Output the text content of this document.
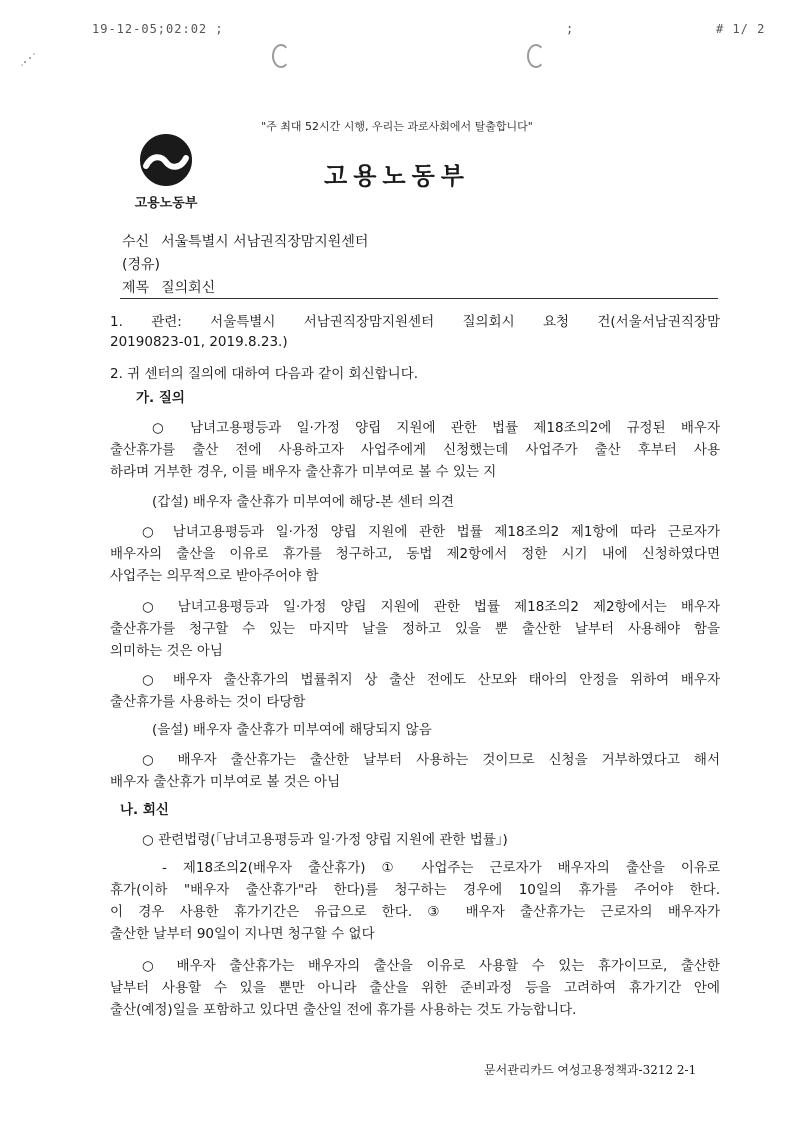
19-12-05;02:02 ;	;	# 1/ 2
"주 최대 52시간 시행, 우리는 과로사회에서 탈출합니다"
고용노동부
고용노동부
수신 서울특별시 서남권직장맘지원센터
(경유)
제목 질의회신
1. 관련: 서울특별시 서남권직장맘지원센터 질의회시 요청 건(서울서남권직장맘
20190823-01, 2019.8.23.)
2. 귀 센터의 질의에 대하여 다음과 같이 회신합니다.
가. 질의
○ 남녀고용평등과 일·가정 양립 지원에 관한 법률 제18조의2에 규정된 배우자
출산휴가를 출산 전에 사용하고자 사업주에게 신청했는데 사업주가 출산 후부터 사용
하라며 거부한 경우, 이를 배우자 출산휴가 미부여로 볼 수 있는 지
(갑설) 배우자 출산휴가 미부여에 해당-본 센터 의견
○ 남녀고용평등과 일·가정 양립 지원에 관한 법률 제18조의2 제1항에 따라 근로자가
배우자의 출산을 이유로 휴가를 청구하고, 동법 제2항에서 정한 시기 내에 신청하였다면
사업주는 의무적으로 받아주어야 함
○ 남녀고용평등과 일·가정 양립 지원에 관한 법률 제18조의2 제2항에서는 배우자
출산휴가를 청구할 수 있는 마지막 날을 정하고 있을 뿐 출산한 날부터 사용해야 함을
의미하는 것은 아님
○ 배우자 출산휴가의 법률취지 상 출산 전에도 산모와 태아의 안정을 위하여 배우자
출산휴가를 사용하는 것이 타당함
(을설) 배우자 출산휴가 미부여에 해당되지 않음
○ 배우자 출산휴가는 출산한 날부터 사용하는 것이므로 신청을 거부하였다고 해서
배우자 출산휴가 미부여로 볼 것은 아님
나. 회신
○ 관련법령(「남녀고용평등과 일·가정 양립 지원에 관한 법률」)
- 제18조의2(배우자 출산휴가) ① 사업주는 근로자가 배우자의 출산을 이유로
휴가(이하 "배우자 출산휴가"라 한다)를 청구하는 경우에 10일의 휴가를 주어야 한다.
이 경우 사용한 휴가기간은 유급으로 한다. ③ 배우자 출산휴가는 근로자의 배우자가
출산한 날부터 90일이 지나면 청구할 수 없다
○ 배우자 출산휴가는 배우자의 출산을 이유로 사용할 수 있는 휴가이므로, 출산한
날부터 사용할 수 있을 뿐만 아니라 출산을 위한 준비과정 등을 고려하여 휴가기간 안에
출산(예정)일을 포함하고 있다면 출산일 전에 휴가를 사용하는 것도 가능합니다.
문서관리카드 여성고용정책과-3212 2-1
